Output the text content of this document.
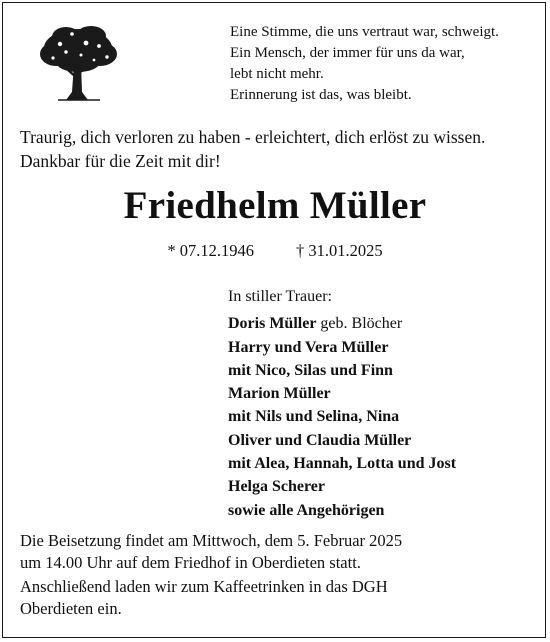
Eine Stimme, die uns vertraut war, schweigt.
Ein Mensch, der immer für uns da war,
lebt nicht mehr.
Erinnerung ist das, was bleibt.
Traurig, dich verloren zu haben - erleichtert, dich erlöst zu wissen.
Dankbar für die Zeit mit dir!
Friedhelm Müller
* 07.12.1946	† 31.01.2025
In stiller Trauer:
Doris Müller geb. Blöcher
Harry und Vera Müller
mit Nico, Silas und Finn
Marion Müller
mit Nils und Selina, Nina
Oliver und Claudia Müller
mit Alea, Hannah, Lotta und Jost
Helga Scherer
sowie alle Angehörigen
Die Beisetzung findet am Mittwoch, dem 5. Februar 2025
um 14.00 Uhr auf dem Friedhof in Oberdieten statt.
Anschließend laden wir zum Kaffeetrinken in das DGH
Oberdieten ein.
